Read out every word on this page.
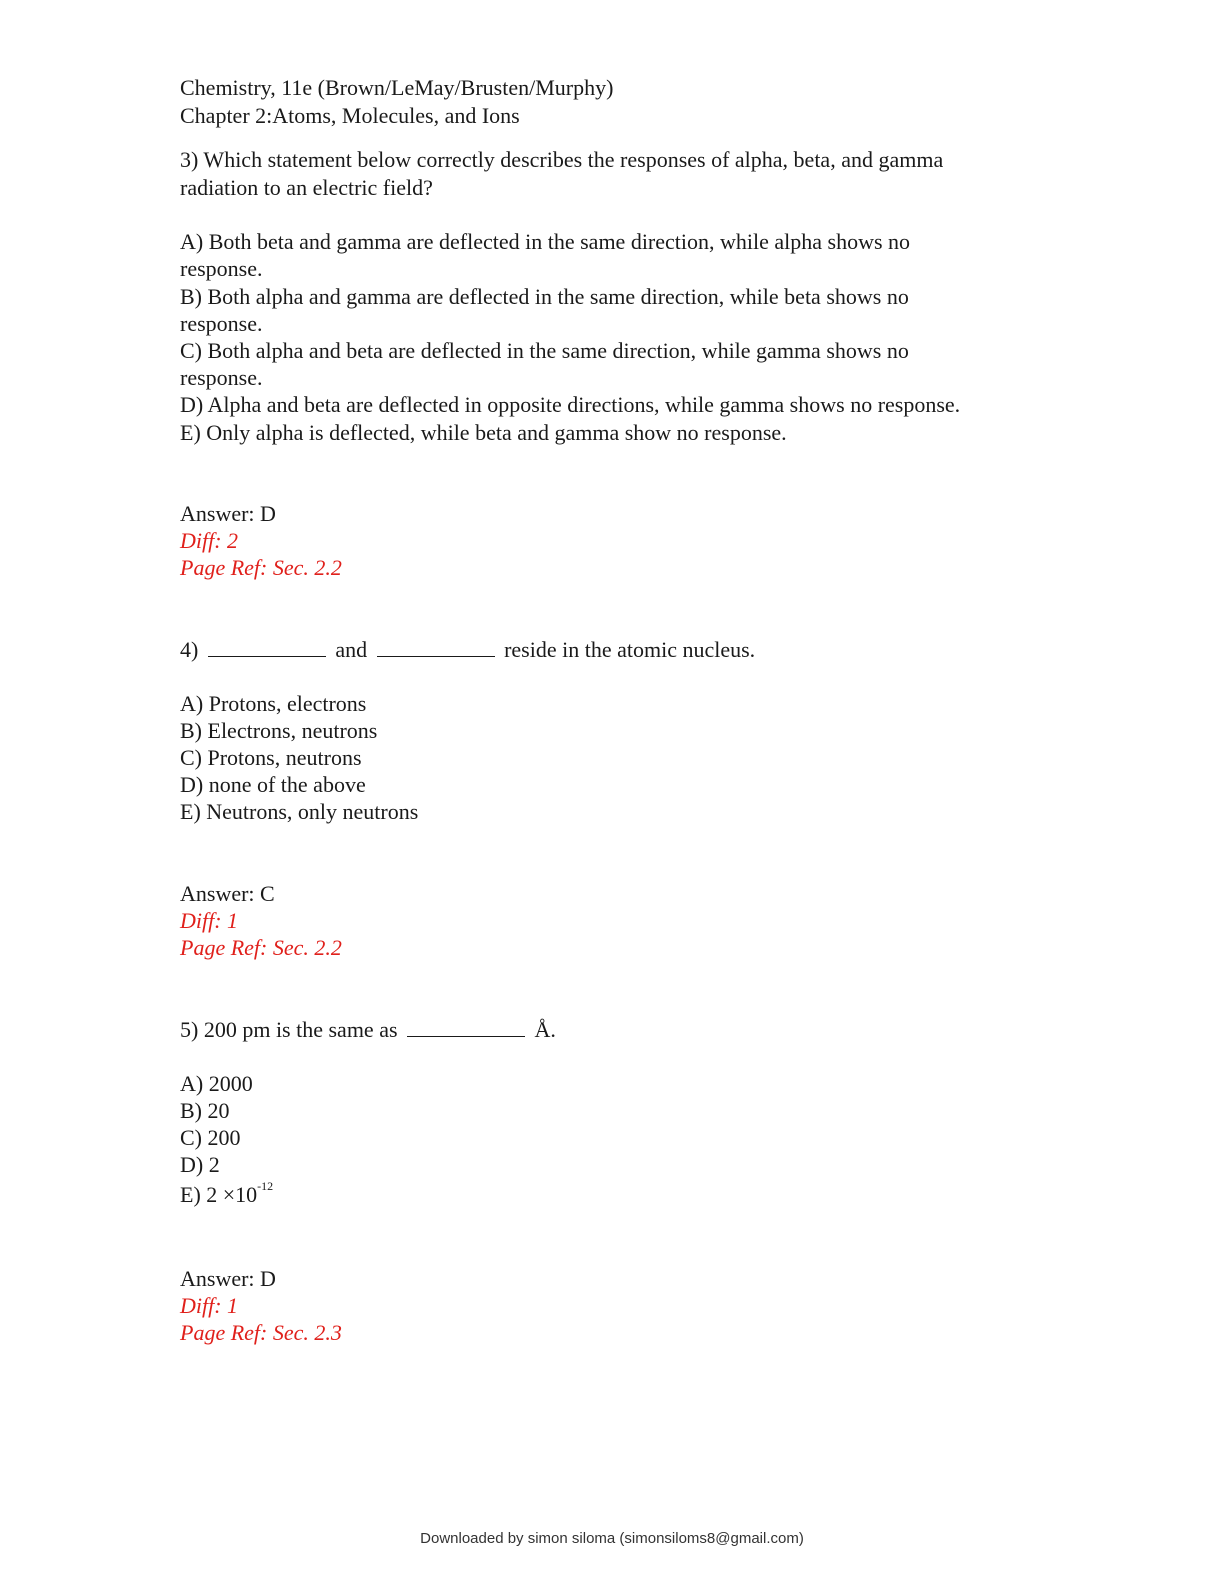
Chemistry, 11e (Brown/LeMay/Brusten/Murphy)
Chapter 2:Atoms, Molecules, and Ions
3) Which statement below correctly describes the responses of alpha, beta, and gamma
radiation to an electric field?
A) Both beta and gamma are deflected in the same direction, while alpha shows no
response.
B) Both alpha and gamma are deflected in the same direction, while beta shows no
response.
C) Both alpha and beta are deflected in the same direction, while gamma shows no
response.
D) Alpha and beta are deflected in opposite directions, while gamma shows no response.
E) Only alpha is deflected, while beta and gamma show no response.
Answer: D
Diff: 2
Page Ref: Sec. 2.2
4)	and	reside in the atomic nucleus.
A) Protons, electrons
B) Electrons, neutrons
C) Protons, neutrons
D) none of the above
E) Neutrons, only neutrons
Answer: C
Diff: 1
Page Ref: Sec. 2.2
5) 200 pm is the same as	Å.
A) 2000
B) 20
C) 200
D) 2
E) $2 \times 10^{-12}$
Answer: D
Diff: 1
Page Ref: Sec. 2.3
Downloaded by simon siloma (simonsiloms8@gmail.com)
